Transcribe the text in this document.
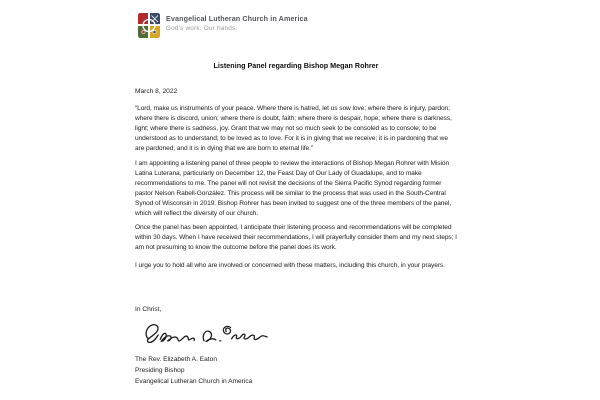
Evangelical Lutheran Church in America
God's work. Our hands.
Listening Panel regarding Bishop Megan Rohrer
March 8, 2022

“Lord, make us instruments of your peace. Where there is hatred, let us sow love; where there is injury, pardon; where there is discord, union; where there is doubt, faith; where there is despair, hope; where there is darkness, light; where there is sadness, joy. Grant that we may not so much seek to be consoled as to console; to be understood as to understand; to be loved as to love. For it is in giving that we receive; it is in pardoning that we are pardoned; and it is in dying that we are born to eternal life.”

I am appointing a listening panel of three people to review the interactions of Bishop Megan Rohrer with Misión Latina Luterana, particularly on December 12, the Feast Day of Our Lady of Guadalupe, and to make recommendations to me. The panel will not revisit the decisions of the Sierra Pacific Synod regarding former pastor Nelson Rabell-González. This process will be similar to the process that was used in the South-Central Synod of Wisconsin in 2019. Bishop Rohrer has been invited to suggest one of the three members of the panel, which will reflect the diversity of our church.

Once the panel has been appointed, I anticipate their listening process and recommendations will be completed within 30 days. When I have received their recommendations, I will prayerfully consider them and my next steps; I am not presuming to know the outcome before the panel does its work.

I urge you to hold all who are involved or concerned with these matters, including this church, in your prayers.

In Christ,
The Rev. Elizabeth A. Eaton
Presiding Bishop
Evangelical Lutheran Church in America
